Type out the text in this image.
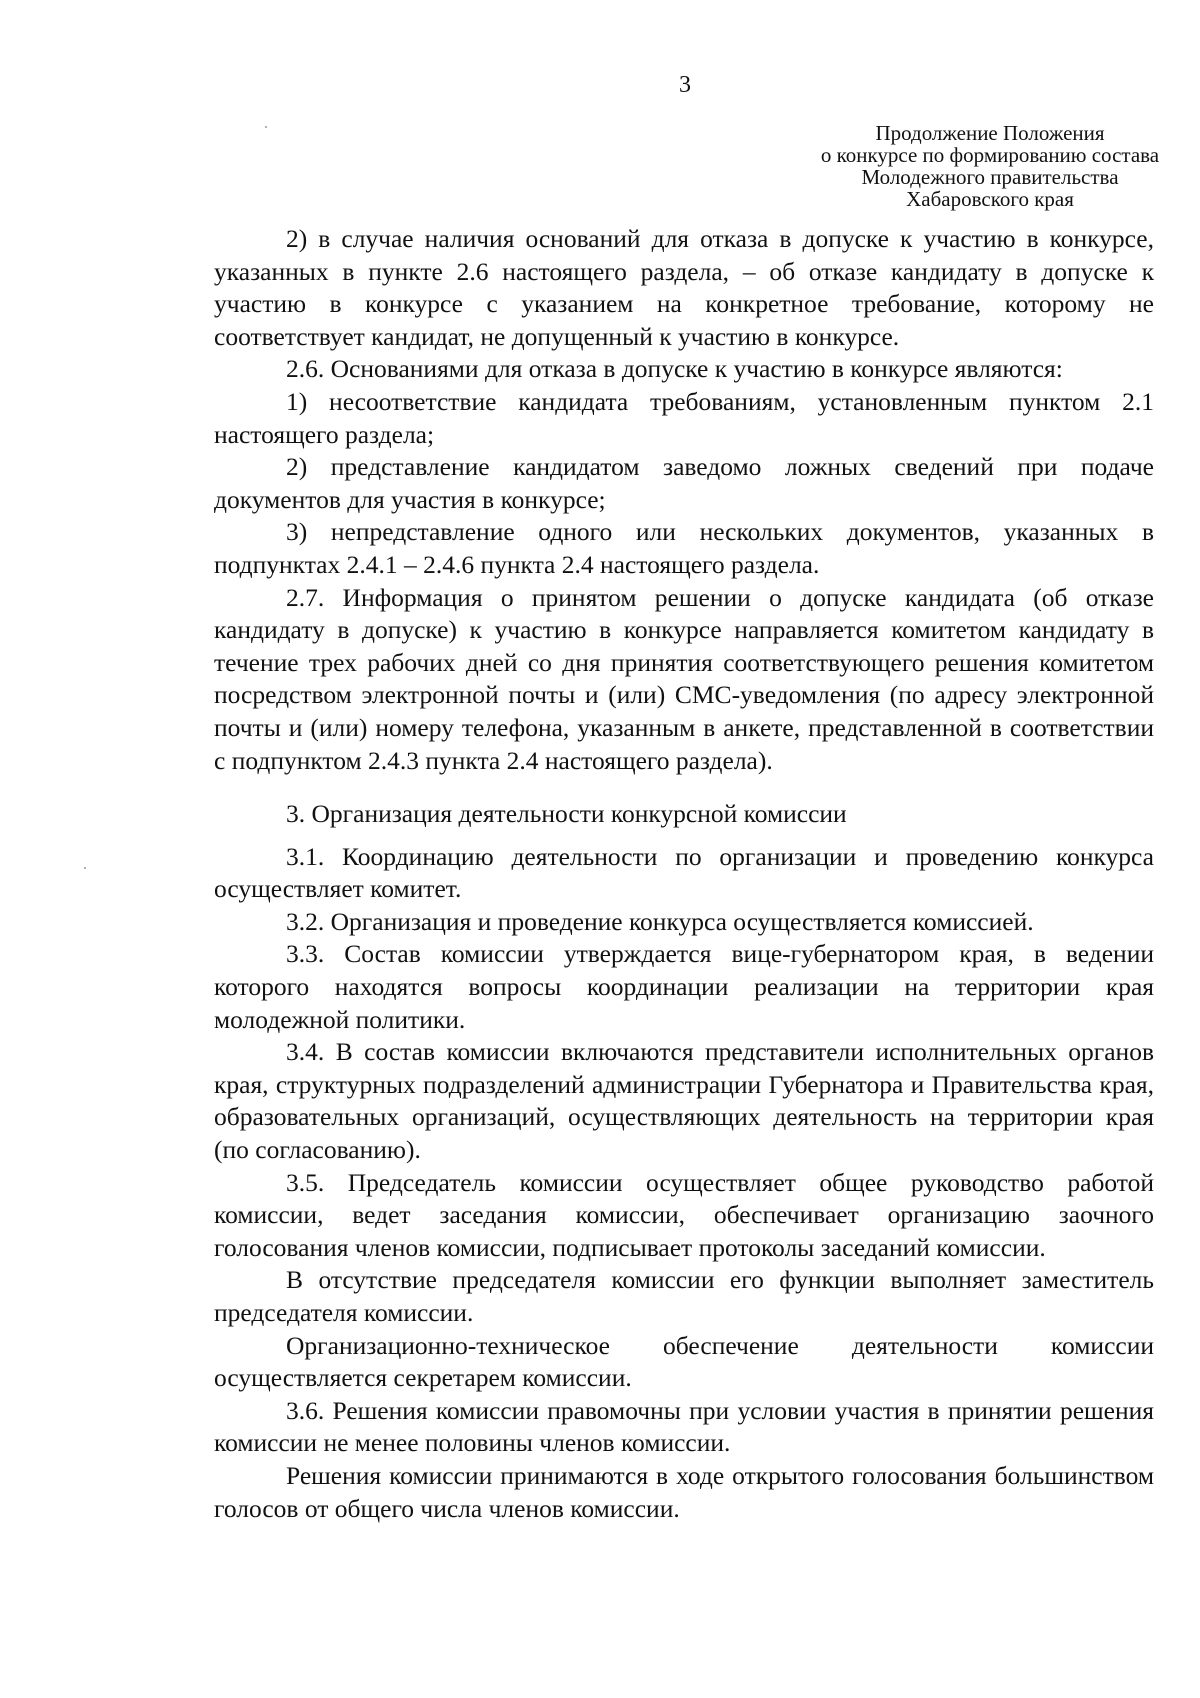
3
Продолжение Положения
о конкурсе по формированию состава
Молодежного правительства
Хабаровского края

2) в случае наличия оснований для отказа в допуске к участию в конкурсе, указанных в пункте 2.6 настоящего раздела, – об отказе кандидату в допуске к участию в конкурсе с указанием на конкретное требование, которому не соответствует кандидат, не допущенный к участию в конкурсе.

2.6. Основаниями для отказа в допуске к участию в конкурсе являются:

1) несоответствие кандидата требованиям, установленным пунктом 2.1 настоящего раздела;

2) представление кандидатом заведомо ложных сведений при подаче документов для участия в конкурсе;

3) непредставление одного или нескольких документов, указанных в подпунктах 2.4.1 – 2.4.6 пункта 2.4 настоящего раздела.

2.7. Информация о принятом решении о допуске кандидата (об отказе кандидату в допуске) к участию в конкурсе направляется комитетом кандидату в течение трех рабочих дней со дня принятия соответствующего решения комитетом посредством электронной почты и (или) СМС-уведомления (по адресу электронной почты и (или) номеру телефона, указанным в анкете, представленной в соответствии с подпунктом 2.4.3 пункта 2.4 настоящего раздела).

3. Организация деятельности конкурсной комиссии

3.1. Координацию деятельности по организации и проведению конкурса осуществляет комитет.

3.2. Организация и проведение конкурса осуществляется комиссией.

3.3. Состав комиссии утверждается вице-губернатором края, в ведении которого находятся вопросы координации реализации на территории края молодежной политики.

3.4. В состав комиссии включаются представители исполнительных органов края, структурных подразделений администрации Губернатора и Правительства края, образовательных организаций, осуществляющих деятельность на территории края (по согласованию).

3.5. Председатель комиссии осуществляет общее руководство работой комиссии, ведет заседания комиссии, обеспечивает организацию заочного голосования членов комиссии, подписывает протоколы заседаний комиссии.

В отсутствие председателя комиссии его функции выполняет заместитель председателя комиссии.

Организационно-техническое обеспечение деятельности комиссии осуществляется секретарем комиссии.

3.6. Решения комиссии правомочны при условии участия в принятии решения комиссии не менее половины членов комиссии.

Решения комиссии принимаются в ходе открытого голосования большинством голосов от общего числа членов комиссии.
